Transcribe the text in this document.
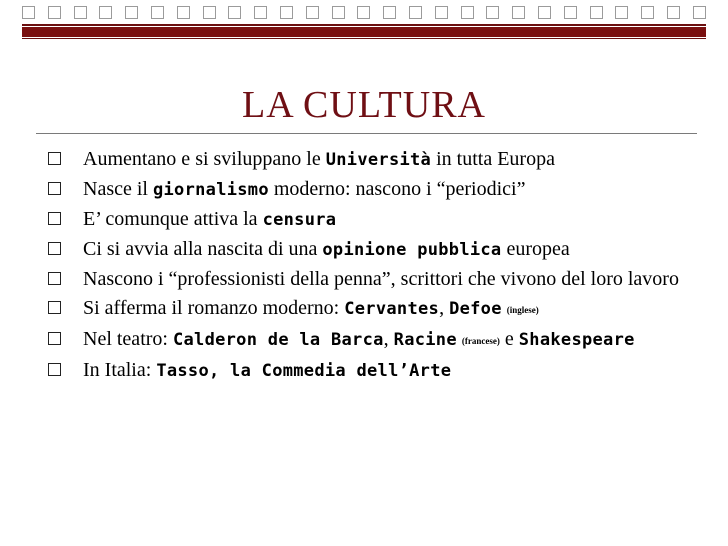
LA CULTURA
Aumentano e si sviluppano le Università in tutta Europa
Nasce il giornalismo moderno: nascono i “periodici”
E’ comunque attiva la censura
Ci si avvia alla nascita di una opinione pubblica europea
Nascono i “professionisti della penna”, scrittori che vivono del loro lavoro
Si afferma il romanzo moderno: Cervantes, Defoe (inglese)
Nel teatro: Calderon de la Barca, Racine (francese) e Shakespeare
In Italia: Tasso, la Commedia dell’Arte
